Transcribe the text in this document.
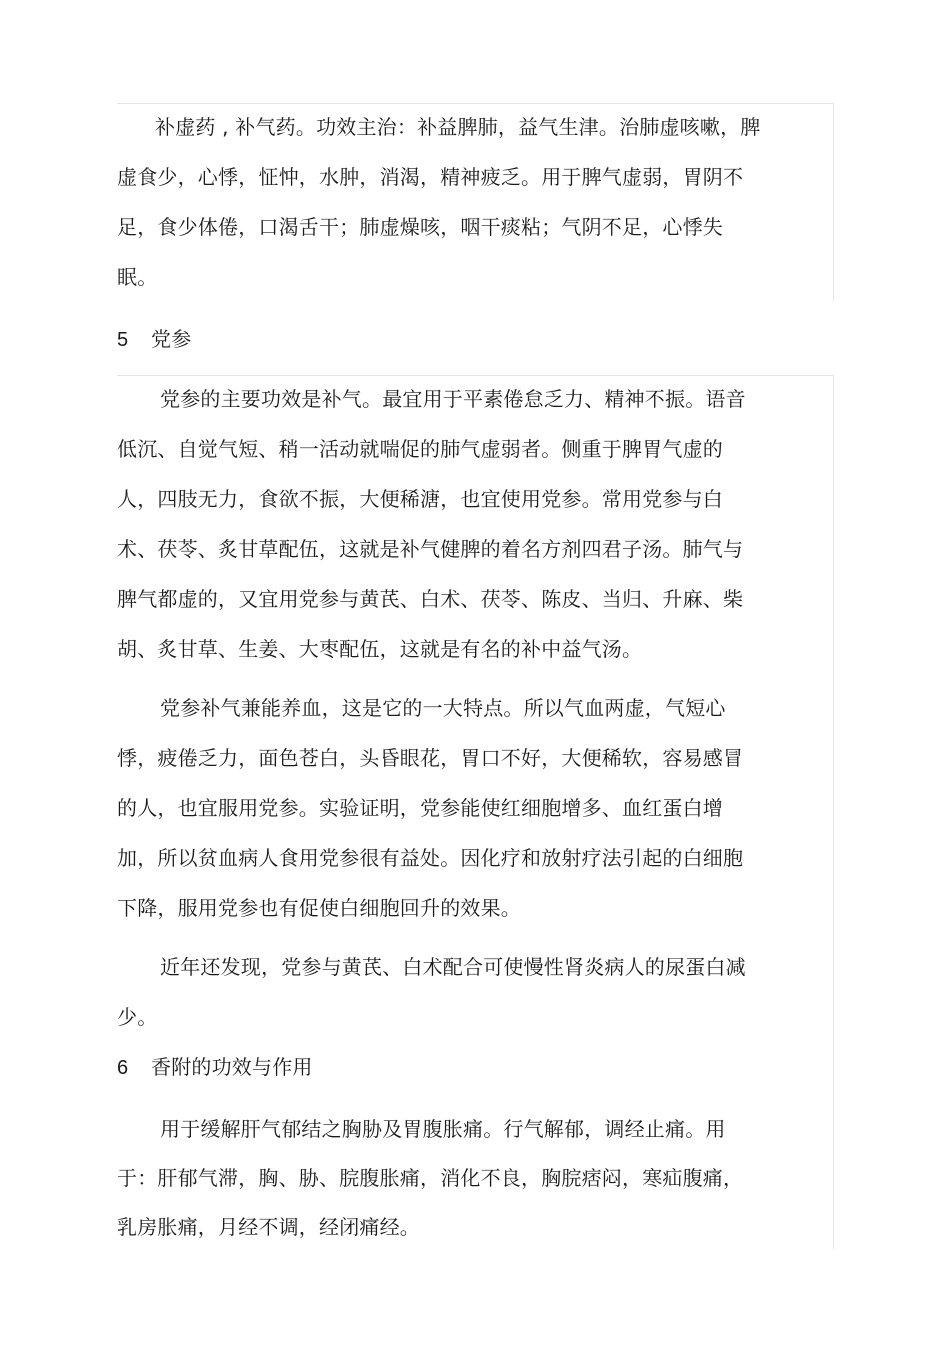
补虚药 , 补气药。功效主治：补益脾肺，益气生津。治肺虚咳嗽，脾
虚食少，心悸，怔忡，水肿，消渴，精神疲乏。用于脾气虚弱，胃阴不
足，食少体倦，口渴舌干；肺虚燥咳，咽干痰粘；气阴不足，心悸失
眠。
5 党参
党参的主要功效是补气。最宜用于平素倦怠乏力、精神不振。语音
低沉、自觉气短、稍一活动就喘促的肺气虚弱者。侧重于脾胃气虚的
人，四肢无力，食欲不振，大便稀溏，也宜使用党参。常用党参与白
术、茯苓、炙甘草配伍，这就是补气健脾的着名方剂四君子汤。肺气与
脾气都虚的，又宜用党参与黄芪、白术、茯苓、陈皮、当归、升麻、柴
胡、炙甘草、生姜、大枣配伍，这就是有名的补中益气汤。
党参补气兼能养血，这是它的一大特点。所以气血两虚，气短心
悸，疲倦乏力，面色苍白，头昏眼花，胃口不好，大便稀软，容易感冒
的人，也宜服用党参。实验证明，党参能使红细胞增多、血红蛋白增
加，所以贫血病人食用党参很有益处。因化疗和放射疗法引起的白细胞
下降，服用党参也有促使白细胞回升的效果。
近年还发现，党参与黄芪、白术配合可使慢性肾炎病人的尿蛋白减
少。
6 香附的功效与作用
用于缓解肝气郁结之胸胁及胃腹胀痛。行气解郁，调经止痛。用
于：肝郁气滞，胸、胁、脘腹胀痛，消化不良，胸脘痞闷，寒疝腹痛，
乳房胀痛，月经不调，经闭痛经。
